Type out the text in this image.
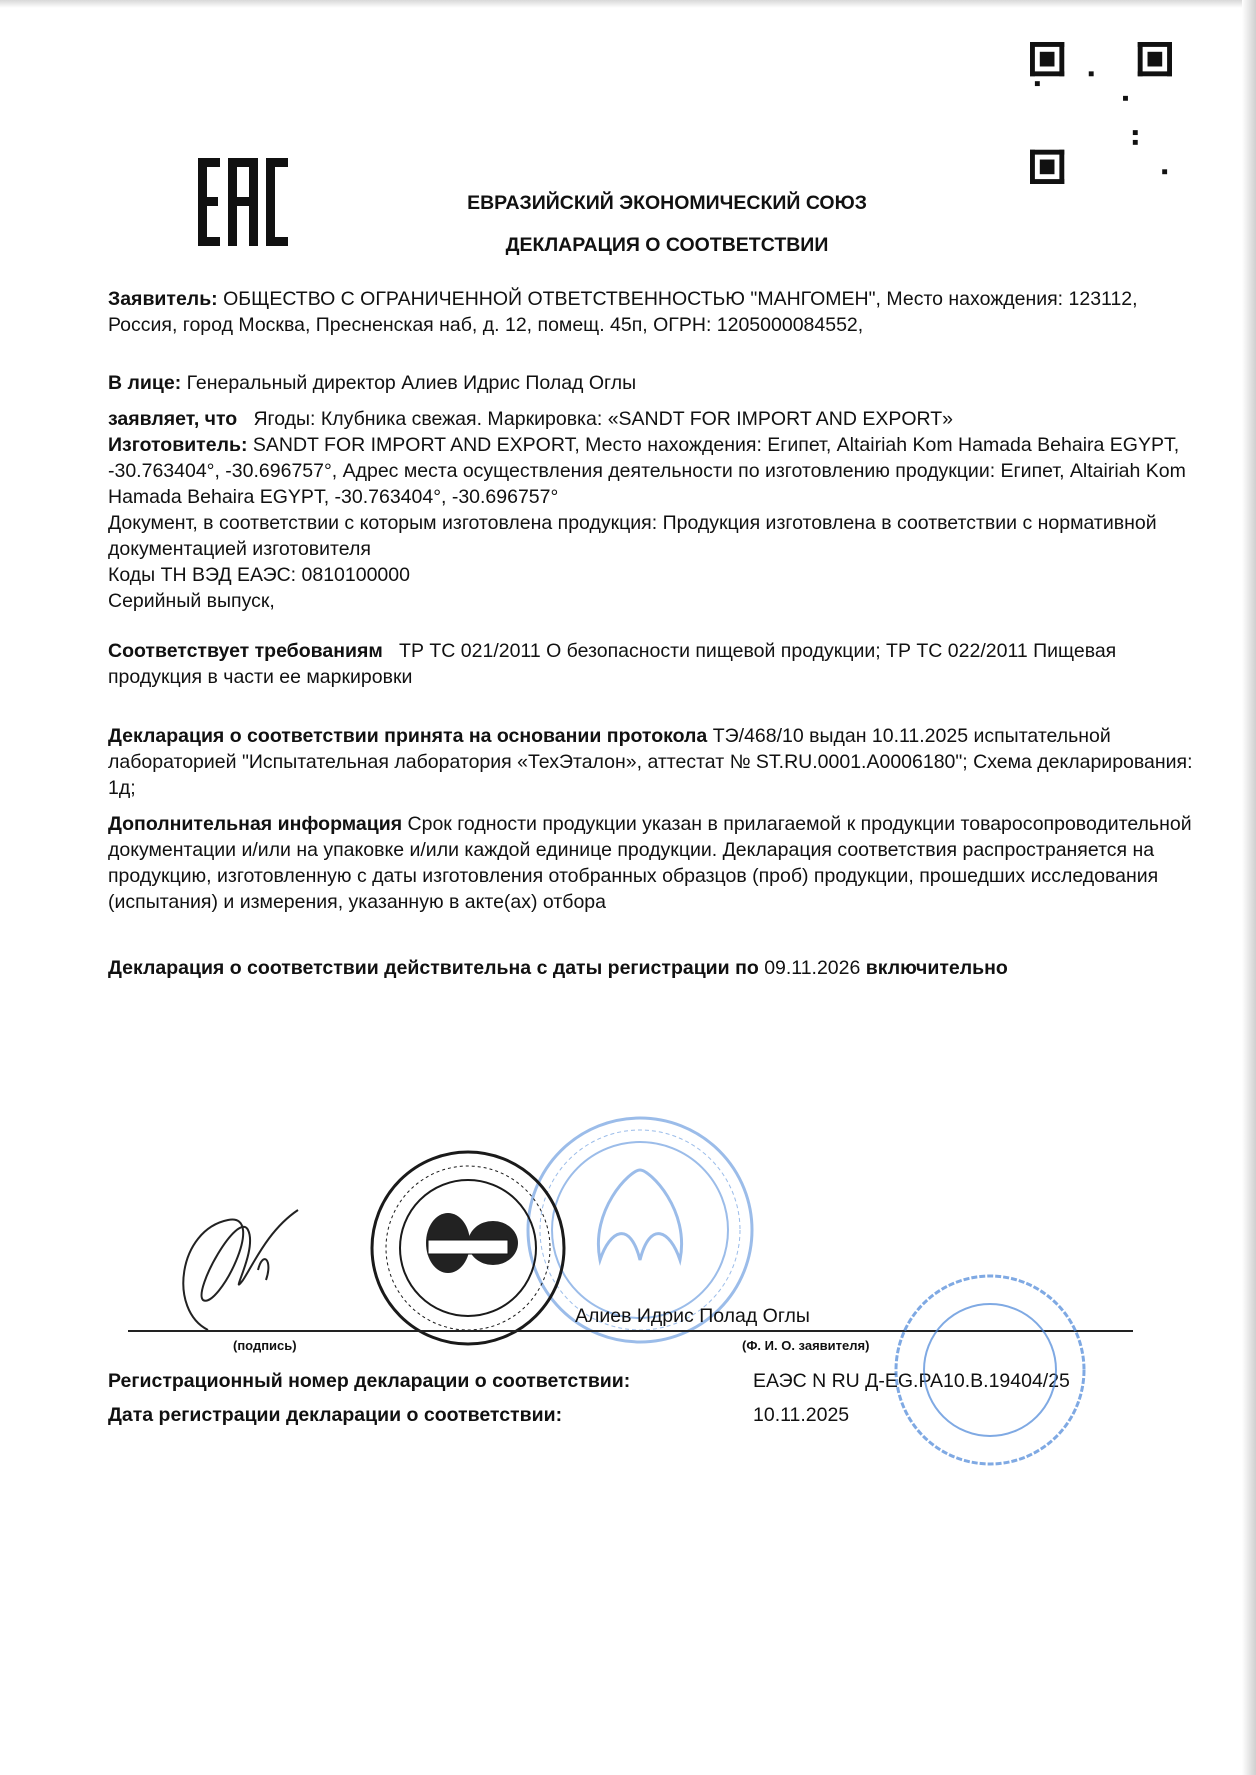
ЕВРАЗИЙСКИЙ ЭКОНОМИЧЕСКИЙ СОЮЗ
ДЕКЛАРАЦИЯ О СООТВЕТСТВИИ
Заявитель: ОБЩЕСТВО С ОГРАНИЧЕННОЙ ОТВЕТСТВЕННОСТЬЮ "МАНГОМЕН", Место нахождения: 123112, Россия, город Москва, Пресненская наб, д. 12, помещ. 45п, ОГРН: 1205000084552,
В лице: Генеральный директор Алиев Идрис Полад Оглы
заявляет, что Ягоды: Клубника свежая. Маркировка: «SANDT FOR IMPORT AND EXPORT»
Изготовитель: SANDT FOR IMPORT AND EXPORT, Место нахождения: Египет, Altairiah Kom Hamada Behaira EGYPT, -30.763404°, -30.696757°, Адрес места осуществления деятельности по изготовлению продукции: Египет, Altairiah Kom Hamada Behaira EGYPT, -30.763404°, -30.696757°
Документ, в соответствии с которым изготовлена продукция: Продукция изготовлена в соответствии с нормативной документацией изготовителя
Коды ТН ВЭД ЕАЭС: 0810100000
Серийный выпуск,
Соответствует требованиям ТР ТС 021/2011 О безопасности пищевой продукции; ТР ТС 022/2011 Пищевая продукция в части ее маркировки
Декларация о соответствии принята на основании протокола ТЭ/468/10 выдан 10.11.2025 испытательной лабораторией "Испытательная лаборатория «ТехЭталон», аттестат № ST.RU.0001.A0006180"; Схема декларирования: 1д;
Дополнительная информация Срок годности продукции указан в прилагаемой к продукции товаросопроводительной документации и/или на упаковке и/или каждой единице продукции. Декларация соответствия распространяется на продукцию, изготовленную с даты изготовления отобранных образцов (проб) продукции, прошедших исследования (испытания) и измерения, указанную в акте(ах) отбора
Декларация о соответствии действительна с даты регистрации по 09.11.2026 включительно
Алиев Идрис Полад Оглы
(подпись)	(Ф. И. О. заявителя)
Регистрационный номер декларации о соответствии:
Дата регистрации декларации о соответствии:
ЕАЭС N RU Д-EG.PA10.B.19404/25
10.11.2025
